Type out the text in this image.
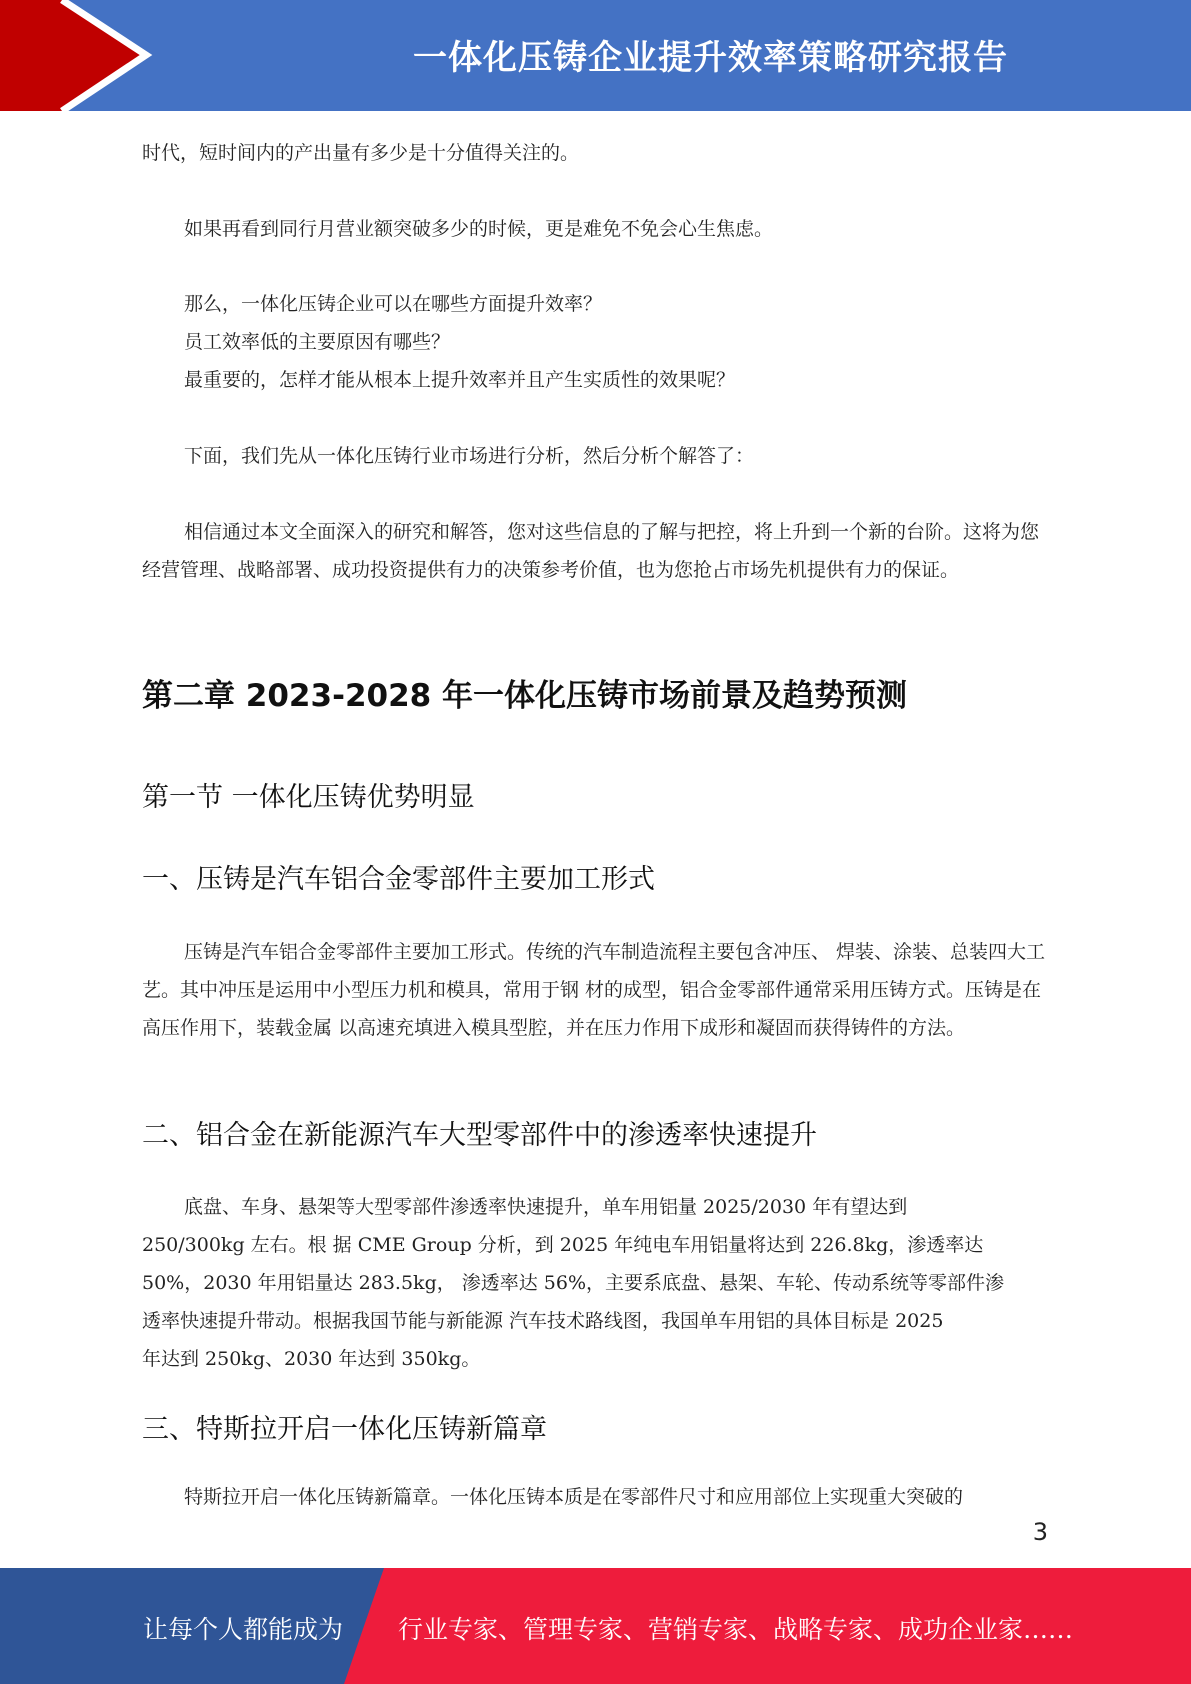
一体化压铸企业提升效率策略研究报告
时代，短时间内的产出量有多少是十分值得关注的。
如果再看到同行月营业额突破多少的时候，更是难免不免会心生焦虑。
那么，一体化压铸企业可以在哪些方面提升效率？
员工效率低的主要原因有哪些？
最重要的，怎样才能从根本上提升效率并且产生实质性的效果呢？
下面，我们先从一体化压铸行业市场进行分析，然后分析个解答了：
相信通过本文全面深入的研究和解答，您对这些信息的了解与把控，将上升到一个新的台阶。这将为您经营管理、战略部署、成功投资提供有力的决策参考价值，也为您抢占市场先机提供有力的保证。
第二章 2023-2028 年一体化压铸市场前景及趋势预测
第一节 一体化压铸优势明显
一、压铸是汽车铝合金零部件主要加工形式
压铸是汽车铝合金零部件主要加工形式。传统的汽车制造流程主要包含冲压、 焊装、涂装、总装四大工艺。其中冲压是运用中小型压力机和模具，常用于钢 材的成型，铝合金零部件通常采用压铸方式。压铸是在高压作用下，装载金属 以高速充填进入模具型腔，并在压力作用下成形和凝固而获得铸件的方法。
二、铝合金在新能源汽车大型零部件中的渗透率快速提升
底盘、车身、悬架等大型零部件渗透率快速提升，单车用铝量 2025/2030 年有望达到
250/300kg 左右。根 据 CME Group 分析，到 2025 年纯电车用铝量将达到 226.8kg，渗透率达
50%，2030 年用铝量达 283.5kg， 渗透率达 56%，主要系底盘、悬架、车轮、传动系统等零部件渗
透率快速提升带动。根据我国节能与新能源 汽车技术路线图，我国单车用铝的具体目标是 2025
年达到 250kg、2030 年达到 350kg。
三、特斯拉开启一体化压铸新篇章
特斯拉开启一体化压铸新篇章。一体化压铸本质是在零部件尺寸和应用部位上实现重大突破的
3
让每个人都能成为 行业专家、管理专家、营销专家、战略专家、成功企业家……
